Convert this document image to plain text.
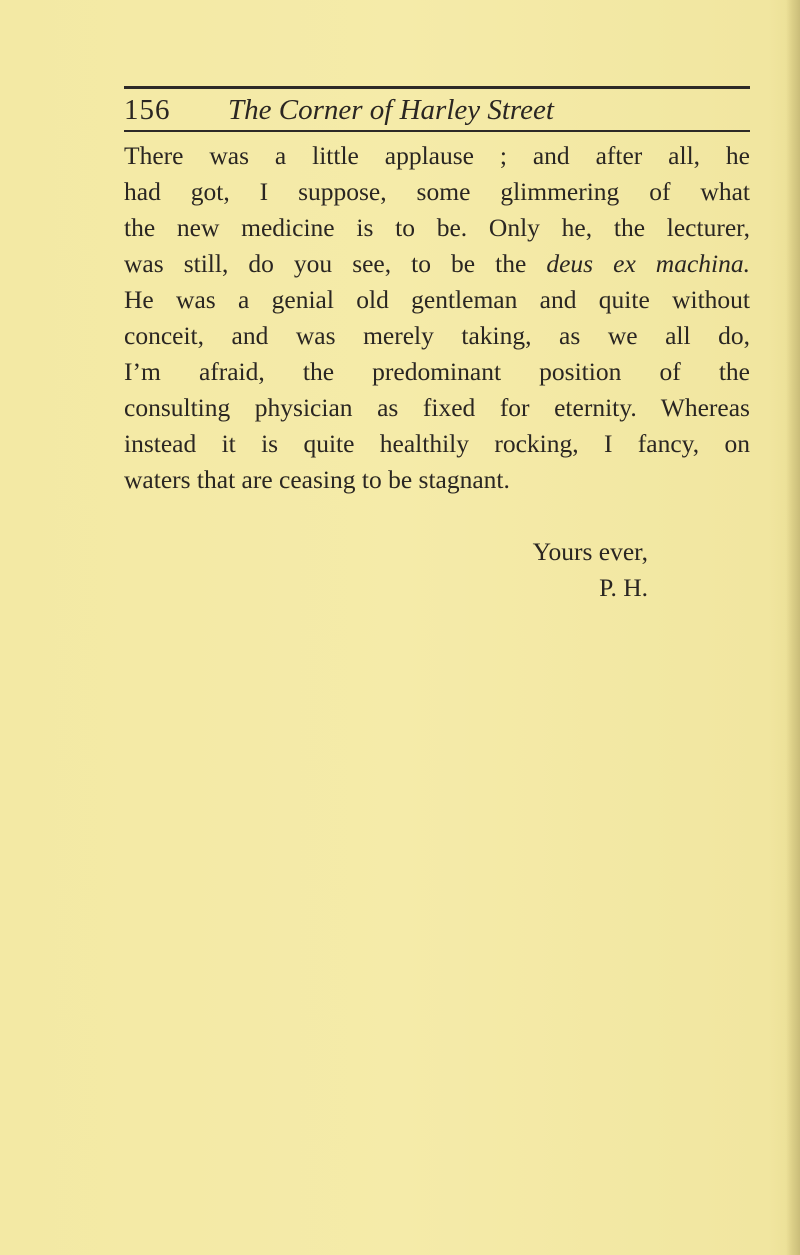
156 The Corner of Harley Street
There was a little applause ; and after all, he
had got, I suppose, some glimmering of what
the new medicine is to be. Only he, the lecturer,
was still, do you see, to be the deus ex machina.
He was a genial old gentleman and quite without
conceit, and was merely taking, as we all do,
I’m afraid, the predominant position of the
consulting physician as fixed for eternity. Whereas
instead it is quite healthily rocking, I fancy, on
waters that are ceasing to be stagnant.
Yours ever,
P. H.
